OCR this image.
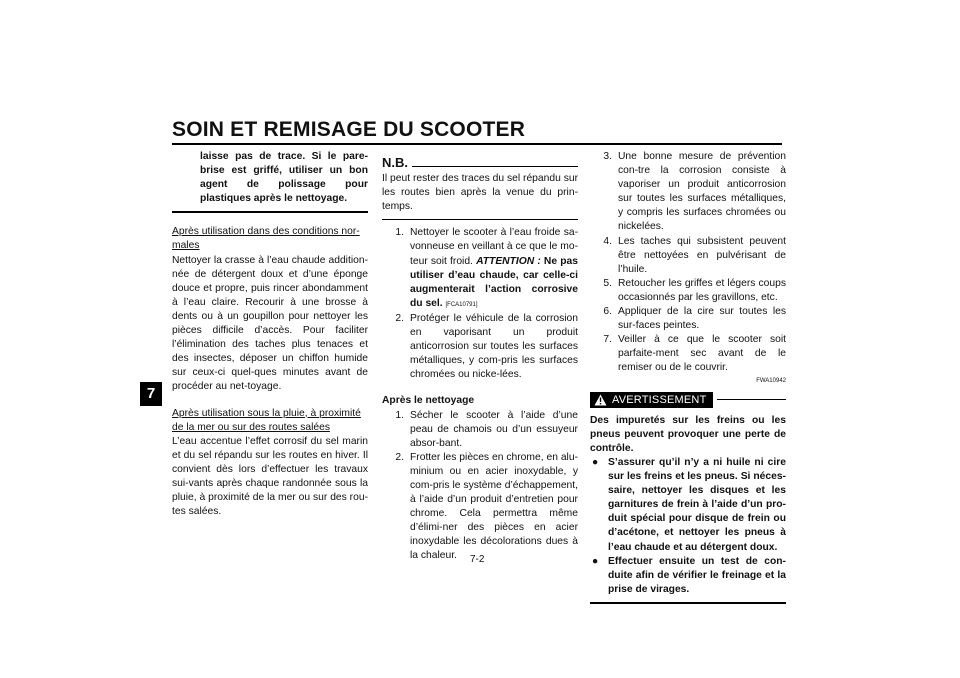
SOIN ET REMISAGE DU SCOOTER
7

laisse pas de trace. Si le pare-brise est griffé, utiliser un bon agent de polissage pour plastiques après le nettoyage.

Après utilisation dans des conditions nor-males

Nettoyer la crasse à l’eau chaude addition-née de détergent doux et d’une éponge douce et propre, puis rincer abondamment à l’eau claire. Recourir à une brosse à dents ou à un goupillon pour nettoyer les pièces difficile d’accès. Pour faciliter l’élimination des taches plus tenaces et des insectes, déposer un chiffon humide sur ceux-ci quel-ques minutes avant de procéder au net-toyage.

Après utilisation sous la pluie, à proximité de la mer ou sur des routes salées

L’eau accentue l’effet corrosif du sel marin et du sel répandu sur les routes en hiver. Il convient dès lors d’effectuer les travaux sui-vants après chaque randonnée sous la pluie, à proximité de la mer ou sur des rou-tes salées.

N.B.

Il peut rester des traces du sel répandu sur les routes bien après la venue du prin-temps.

1. Nettoyer le scooter à l’eau froide sa-vonneuse en veillant à ce que le mo-teur soit froid. ATTENTION : Ne pas utiliser d’eau chaude, car celle-ci augmenterait l’action corrosive du sel. [FCA10791]
2. Protéger le véhicule de la corrosion en vaporisant un produit anticorrosion sur toutes les surfaces métalliques, y com-pris les surfaces chromées ou nicke-lées.

Après le nettoyage

1. Sécher le scooter à l’aide d’une peau de chamois ou d’un essuyeur absor-bant.
2. Frotter les pièces en chrome, en alu-minium ou en acier inoxydable, y com-pris le système d’échappement, à l’aide d’un produit d’entretien pour chrome. Cela permettra même d’élimi-ner des pièces en acier inoxydable les décolorations dues à la chaleur.
3. Une bonne mesure de prévention con-tre la corrosion consiste à vaporiser un produit anticorrosion sur toutes les surfaces métalliques, y compris les surfaces chromées ou nickelées.
4. Les taches qui subsistent peuvent être nettoyées en pulvérisant de l’huile.
5. Retoucher les griffes et légers coups occasionnés par les gravillons, etc.
6. Appliquer de la cire sur toutes les sur-faces peintes.
7. Veiller à ce que le scooter soit parfaite-ment sec avant de le remiser ou de le couvrir.
FWA10942
AVERTISSEMENT

Des impuretés sur les freins ou les pneus peuvent provoquer une perte de contrôle.

● S’assurer qu’il n’y a ni huile ni cire sur les freins et les pneus. Si néces-saire, nettoyer les disques et les garnitures de frein à l’aide d’un pro-duit spécial pour disque de frein ou d’acétone, et nettoyer les pneus à l’eau chaude et au détergent doux.
● Effectuer ensuite un test de con-duite afin de vérifier le freinage et la prise de virages.
7-2
